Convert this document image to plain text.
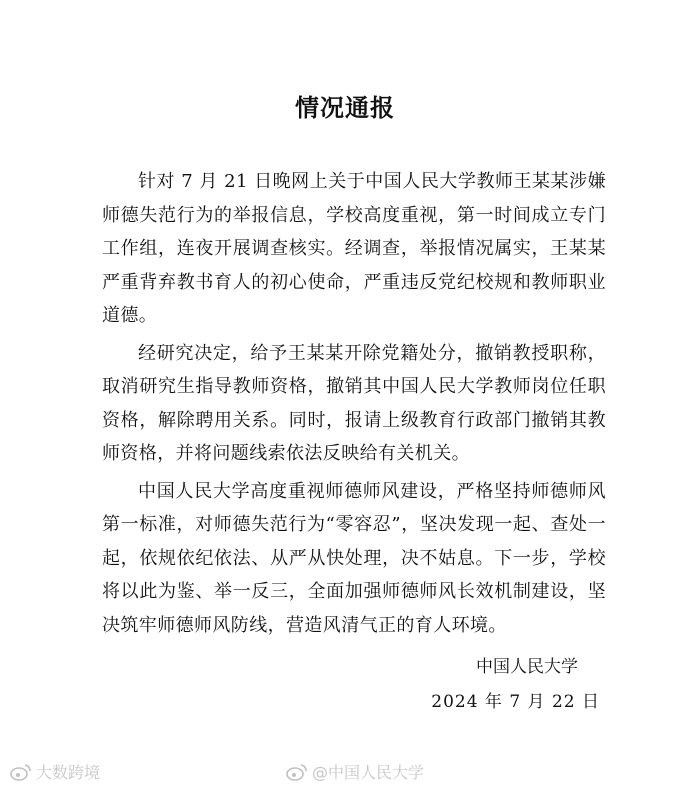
情况通报

针对 7 月 21 日晚网上关于中国人民大学教师王某某涉嫌师德失范行为的举报信息，学校高度重视，第一时间成立专门工作组，连夜开展调查核实。经调查，举报情况属实，王某某严重背弃教书育人的初心使命，严重违反党纪校规和教师职业道德。

经研究决定，给予王某某开除党籍处分，撤销教授职称，取消研究生指导教师资格，撤销其中国人民大学教师岗位任职资格，解除聘用关系。同时，报请上级教育行政部门撤销其教师资格，并将问题线索依法反映给有关机关。

中国人民大学高度重视师德师风建设，严格坚持师德师风第一标准，对师德失范行为“零容忍”，坚决发现一起、查处一起，依规依纪依法、从严从快处理，决不姑息。下一步，学校将以此为鉴、举一反三，全面加强师德师风长效机制建设，坚决筑牢师德师风防线，营造风清气正的育人环境。

中国人民大学
2024 年 7 月 22 日
大数跨境	@中国人民大学
